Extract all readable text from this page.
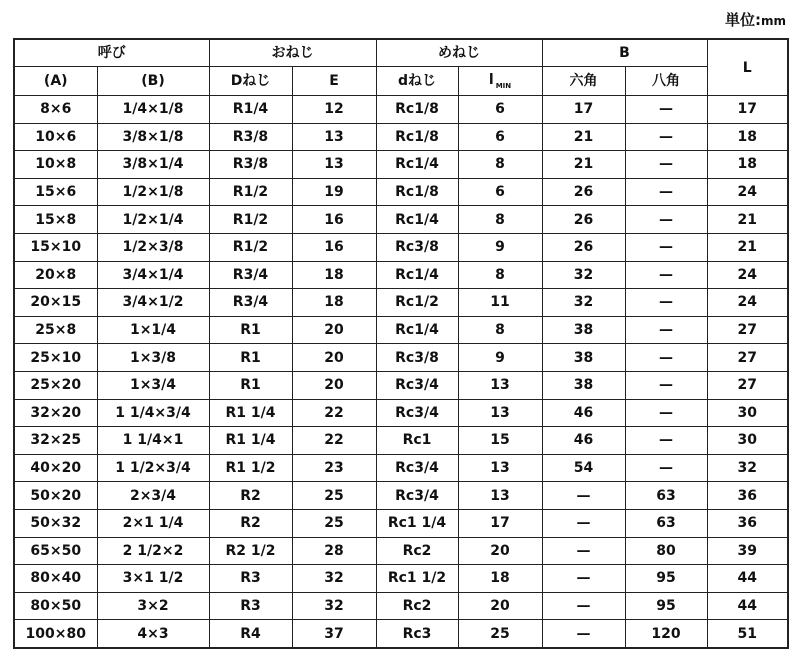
単位:mm
呼び		おねじ		めねじ		B		L
(A)	(B)	Dねじ	E	dねじ	l $_{MIN}$	六角	八角	
8×6	1/4×1/8	R1/4	12	Rc1/8	6	17	—	17
10×6	3/8×1/8	R3/8	13	Rc1/8	6	21	—	18
10×8	3/8×1/4	R3/8	13	Rc1/4	8	21	—	18
15×6	1/2×1/8	R1/2	19	Rc1/8	6	26	—	24
15×8	1/2×1/4	R1/2	16	Rc1/4	8	26	—	21
15×10	1/2×3/8	R1/2	16	Rc3/8	9	26	—	21
20×8	3/4×1/4	R3/4	18	Rc1/4	8	32	—	24
20×15	3/4×1/2	R3/4	18	Rc1/2	11	32	—	24
25×8	1×1/4	R1	20	Rc1/4	8	38	—	27
25×10	1×3/8	R1	20	Rc3/8	9	38	—	27
25×20	1×3/4	R1	20	Rc3/4	13	38	—	27
32×20	1 1/4×3/4	R1 1/4	22	Rc3/4	13	46	—	30
32×25	1 1/4×1	R1 1/4	22	Rc1	15	46	—	30
40×20	1 1/2×3/4	R1 1/2	23	Rc3/4	13	54	—	32
50×20	2×3/4	R2	25	Rc3/4	13	—	63	36
50×32	2×1 1/4	R2	25	Rc1 1/4	17	—	63	36
65×50	2 1/2×2	R2 1/2	28	Rc2	20	—	80	39
80×40	3×1 1/2	R3	32	Rc1 1/2	18	—	95	44
80×50	3×2	R3	32	Rc2	20	—	95	44
100×80	4×3	R4	37	Rc3	25	—	120	51
